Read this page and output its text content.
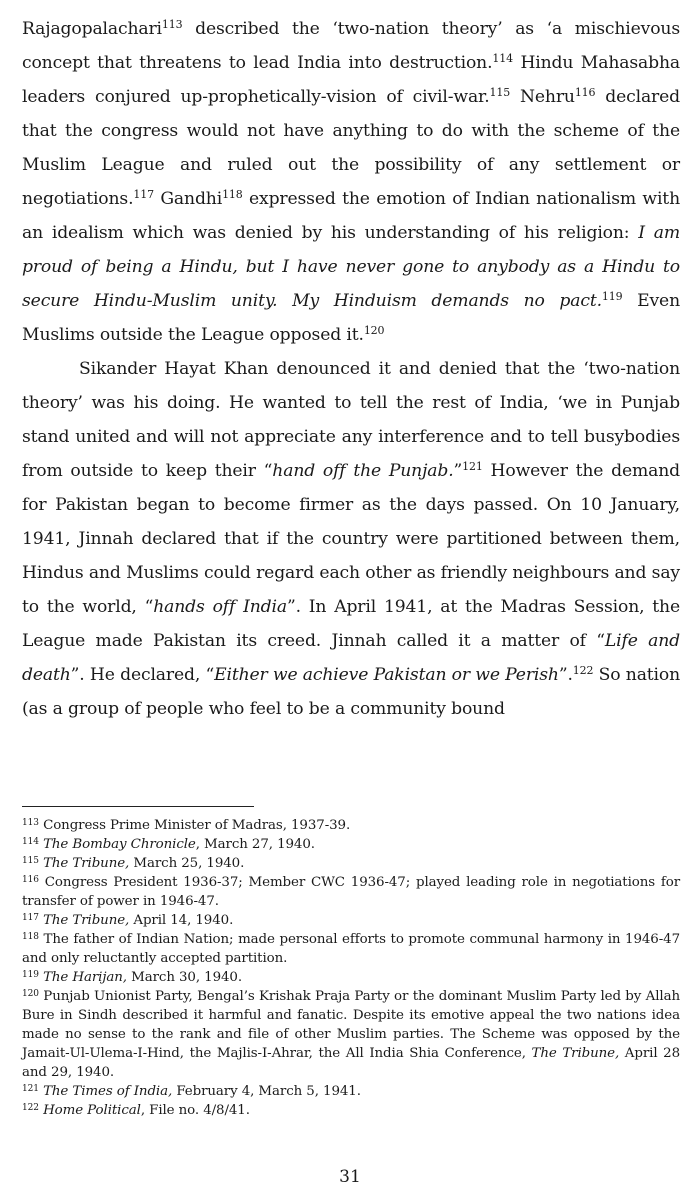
Rajagopalachari$^{113}$ described the ‘two-nation theory’ as ‘a mischievous concept that threatens to lead India into destruction.$^{114}$ Hindu Mahasabha leaders conjured up-prophetically-vision of civil-war.$^{115}$ Nehru$^{116}$ declared that the congress would not have anything to do with the scheme of the Muslim League and ruled out the possibility of any settlement or negotiations.$^{117}$ Gandhi$^{118}$ expressed the emotion of Indian nationalism with an idealism which was denied by his understanding of his religion: I am proud of being a Hindu, but I have never gone to anybody as a Hindu to secure Hindu-Muslim unity. My Hinduism demands no pact.$^{119}$ Even Muslims outside the League opposed it.$^{120}$

Sikander Hayat Khan denounced it and denied that the ‘two-nation theory’ was his doing. He wanted to tell the rest of India, ‘we in Punjab stand united and will not appreciate any interference and to tell busybodies from outside to keep their “hand off the Punjab.”$^{121}$ However the demand for Pakistan began to become firmer as the days passed. On 10 January, 1941, Jinnah declared that if the country were partitioned between them, Hindus and Muslims could regard each other as friendly neighbours and say to the world, “hands off India”. In April 1941, at the Madras Session, the League made Pakistan its creed. Jinnah called it a matter of “Life and death”. He declared, “Either we achieve Pakistan or we Perish”.$^{122}$ So nation (as a group of people who feel to be a community bound

$^{113}$ Congress Prime Minister of Madras, 1937-39.

$^{114}$ The Bombay Chronicle, March 27, 1940.

$^{115}$ The Tribune, March 25, 1940.

$^{116}$ Congress President 1936-37; Member CWC 1936-47; played leading role in negotiations for transfer of power in 1946-47.

$^{117}$ The Tribune, April 14, 1940.

$^{118}$ The father of Indian Nation; made personal efforts to promote communal harmony in 1946-47 and only reluctantly accepted partition.

$^{119}$ The Harijan, March 30, 1940.

$^{120}$ Punjab Unionist Party, Bengal’s Krishak Praja Party or the dominant Muslim Party led by Allah Bure in Sindh described it harmful and fanatic. Despite its emotive appeal the two nations idea made no sense to the rank and file of other Muslim parties. The Scheme was opposed by the Jamait-Ul-Ulema-I-Hind, the Majlis-I-Ahrar, the All India Shia Conference, The Tribune, April 28 and 29, 1940.

$^{121}$ The Times of India, February 4, March 5, 1941.

$^{122}$ Home Political, File no. 4/8/41.

31
